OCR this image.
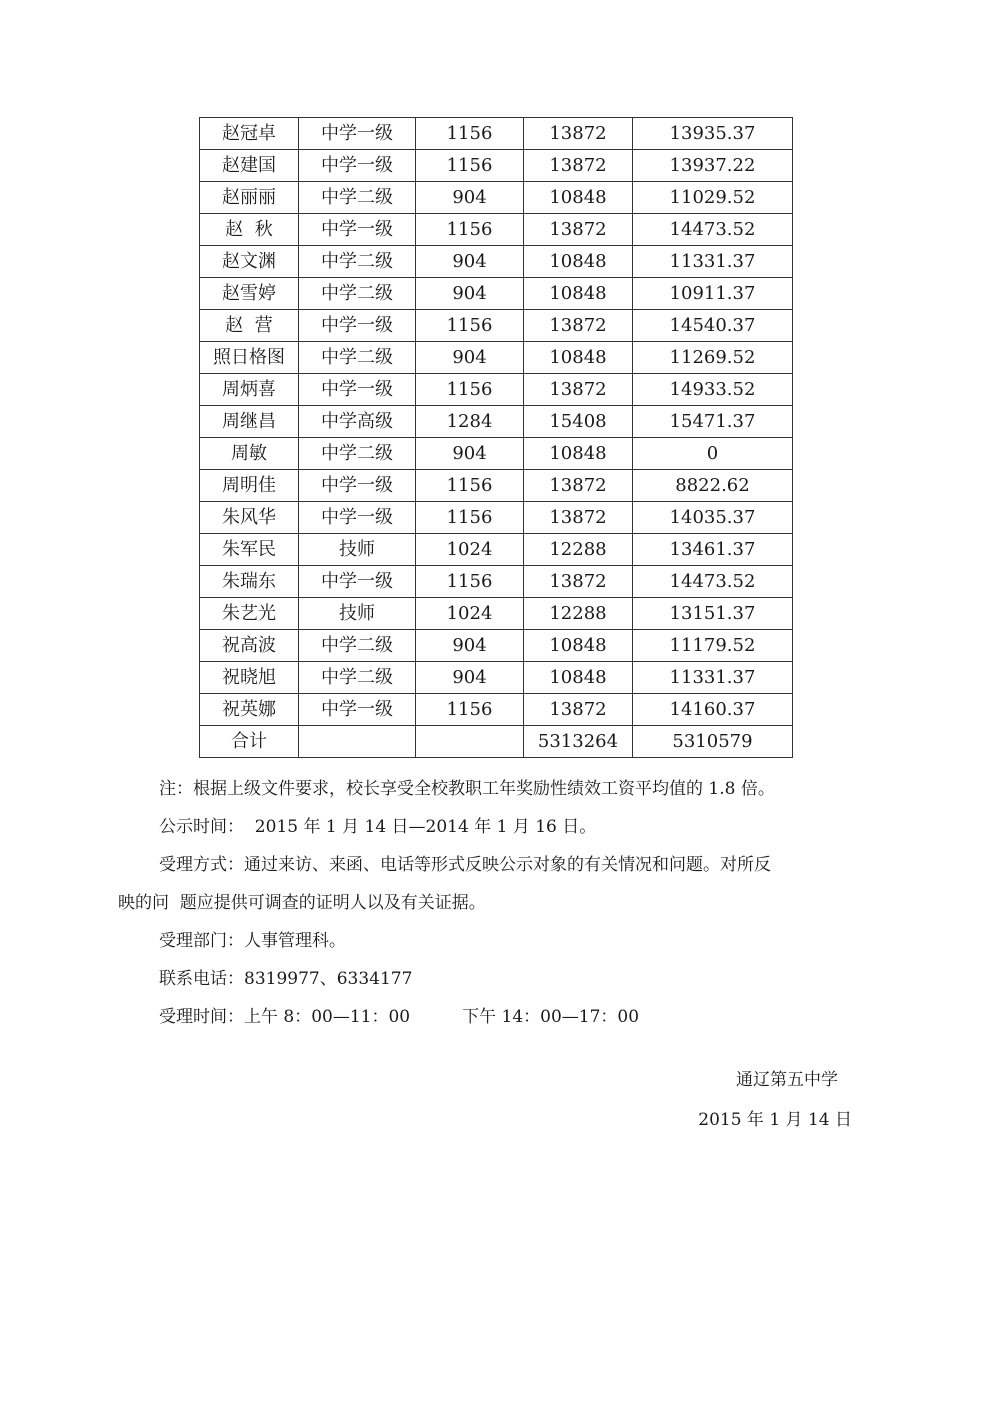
赵冠卓	中学一级	1156	13872	13935.37
赵建国	中学一级	1156	13872	13937.22
赵丽丽	中学二级	904	10848	11029.52
赵  秋	中学一级	1156	13872	14473.52
赵文渊	中学二级	904	10848	11331.37
赵雪婷	中学二级	904	10848	10911.37
赵  营	中学一级	1156	13872	14540.37
照日格图	中学二级	904	10848	11269.52
周炳喜	中学一级	1156	13872	14933.52
周继昌	中学高级	1284	15408	15471.37
周敏	中学二级	904	10848	0
周明佳	中学一级	1156	13872	8822.62
朱风华	中学一级	1156	13872	14035.37
朱军民	技师	1024	12288	13461.37
朱瑞东	中学一级	1156	13872	14473.52
朱艺光	技师	1024	12288	13151.37
祝高波	中学二级	904	10848	11179.52
祝晓旭	中学二级	904	10848	11331.37
祝英娜	中学一级	1156	13872	14160.37
合计			5313264	5310579

注：根据上级文件要求，校长享受全校教职工年奖励性绩效工资平均值的 1.8 倍。

公示时间：  2015 年 1 月 14 日—2014 年 1 月 16 日。

受理方式：通过来访、来函、电话等形式反映公示对象的有关情况和问题。对所反

映的问  题应提供可调查的证明人以及有关证据。

受理部门：人事管理科。

联系电话：8319977、6334177

受理时间：上午 8：00—11：00	下午 14：00—17：00

通辽第五中学
2015 年 1 月 14 日
